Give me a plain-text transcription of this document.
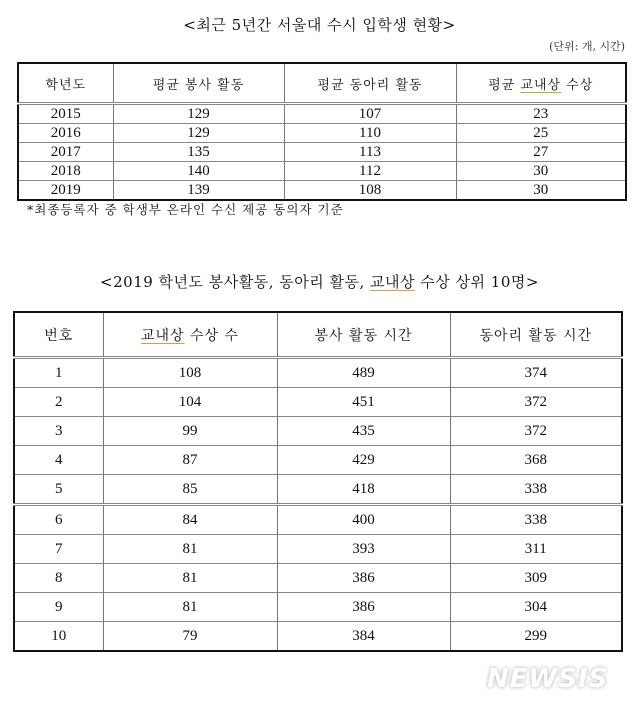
<최근 5년간 서울대 수시 입학생 현황>
(단위: 개, 시간)
학년도	평균 봉사 활동	평균 동아리 활동	평균 교내상 수상
2015	129	107	23
2016	129	110	25
2017	135	113	27
2018	140	112	30
2019	139	108	30
*최종등록자 중 학생부 온라인 수신 제공 동의자 기준
<2019 학년도 봉사활동, 동아리 활동, 교내상 수상 상위 10명>
번호	교내상 수상 수	봉사 활동 시간	동아리 활동 시간
1	108	489	374
2	104	451	372
3	99	435	372
4	87	429	368
5	85	418	338
6	84	400	338
7	81	393	311
8	81	386	309
9	81	386	304
10	79	384	299
NEWSIS
